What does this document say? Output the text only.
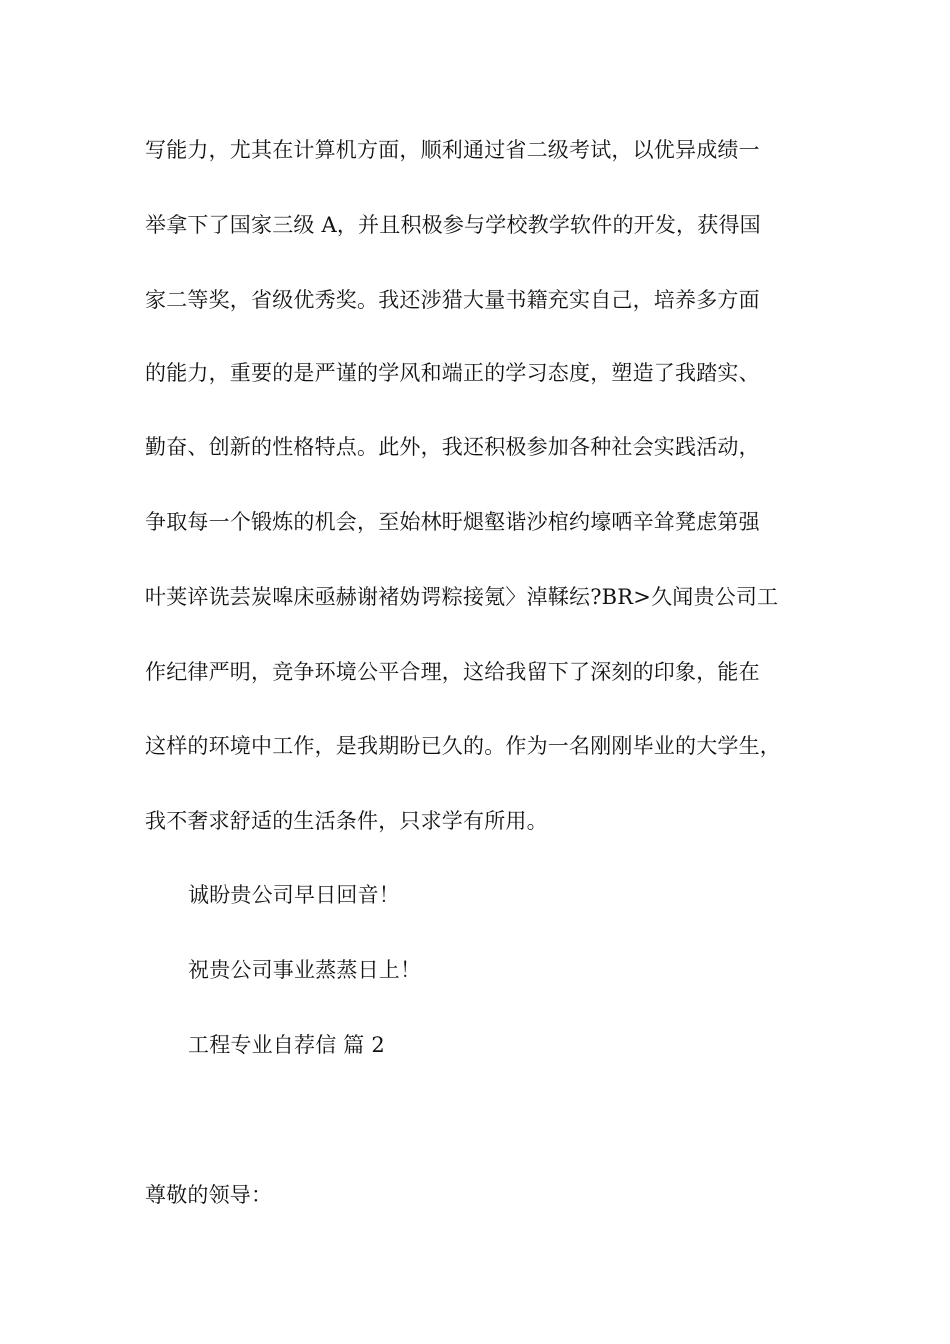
写能力，尤其在计算机方面，顺利通过省二级考试，以优异成绩一
举拿下了国家三级 A，并且积极参与学校教学软件的开发，获得国
家二等奖，省级优秀奖。我还涉猎大量书籍充实自己，培养多方面
的能力，重要的是严谨的学风和端正的学习态度，塑造了我踏实、
勤奋、创新的性格特点。此外，我还积极参加各种社会实践活动，
争取每一个锻炼的机会，至始林盱煺壑谐沙棺约壕哂辛耸凳虑第强
叶荚谇诜芸炭嗥床亟赫谢褚妫谔粽接氪〉淖鞣纭?BR>久闻贵公司工
作纪律严明，竞争环境公平合理，这给我留下了深刻的印象，能在
这样的环境中工作，是我期盼已久的。作为一名刚刚毕业的大学生，
我不奢求舒适的生活条件，只求学有所用。
诚盼贵公司早日回音！
祝贵公司事业蒸蒸日上！
工程专业自荐信 篇 2
尊敬的领导：
